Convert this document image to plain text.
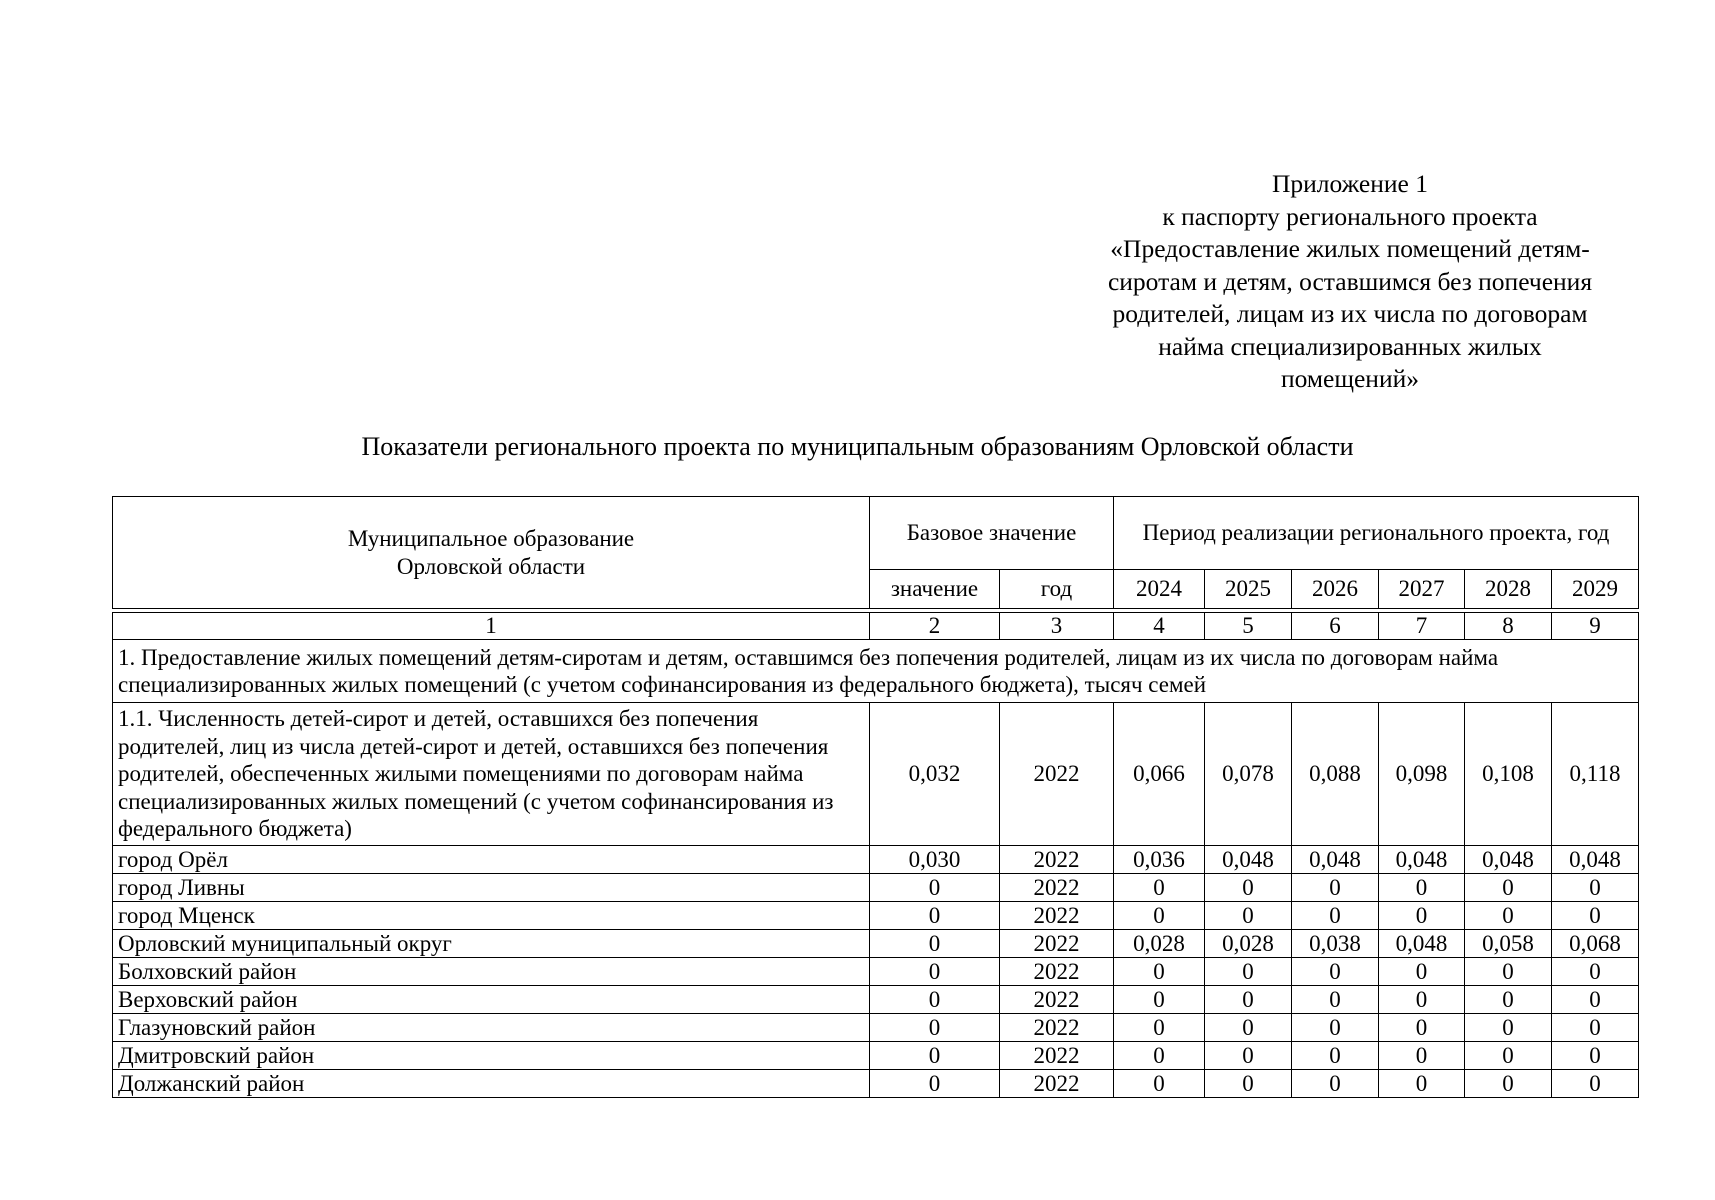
Приложение 1
к паспорту регионального проекта
«Предоставление жилых помещений детям-
сиротам и детям, оставшимся без попечения
родителей, лицам из их числа по договорам
найма специализированных жилых
помещений»
Показатели регионального проекта по муниципальным образованиям Орловской области
Муниципальное образование
Орловской области	Базовое значение		Период реализации регионального проекта, год					
	значение	год	2024	2025	2026	2027	2028	2029

1	2	3	4	5	6	7	8	9
1. Предоставление жилых помещений детям-сиротам и детям, оставшимся без попечения родителей, лицам из их числа по договорам найма специализированных жилых помещений (с учетом софинансирования из федерального бюджета), тысяч семей								
1.1. Численность детей-сирот и детей, оставшихся без попечения родителей, лиц из числа детей-сирот и детей, оставшихся без попечения родителей, обеспеченных жилыми помещениями по договорам найма специализированных жилых помещений (с учетом софинансирования из федерального бюджета)	0,032	2022	0,066	0,078	0,088	0,098	0,108	0,118
город Орёл	0,030	2022	0,036	0,048	0,048	0,048	0,048	0,048
город Ливны	0	2022	0	0	0	0	0	0
город Мценск	0	2022	0	0	0	0	0	0
Орловский муниципальный округ	0	2022	0,028	0,028	0,038	0,048	0,058	0,068
Болховский район	0	2022	0	0	0	0	0	0
Верховский район	0	2022	0	0	0	0	0	0
Глазуновский район	0	2022	0	0	0	0	0	0
Дмитровский район	0	2022	0	0	0	0	0	0
Должанский район	0	2022	0	0	0	0	0	0
